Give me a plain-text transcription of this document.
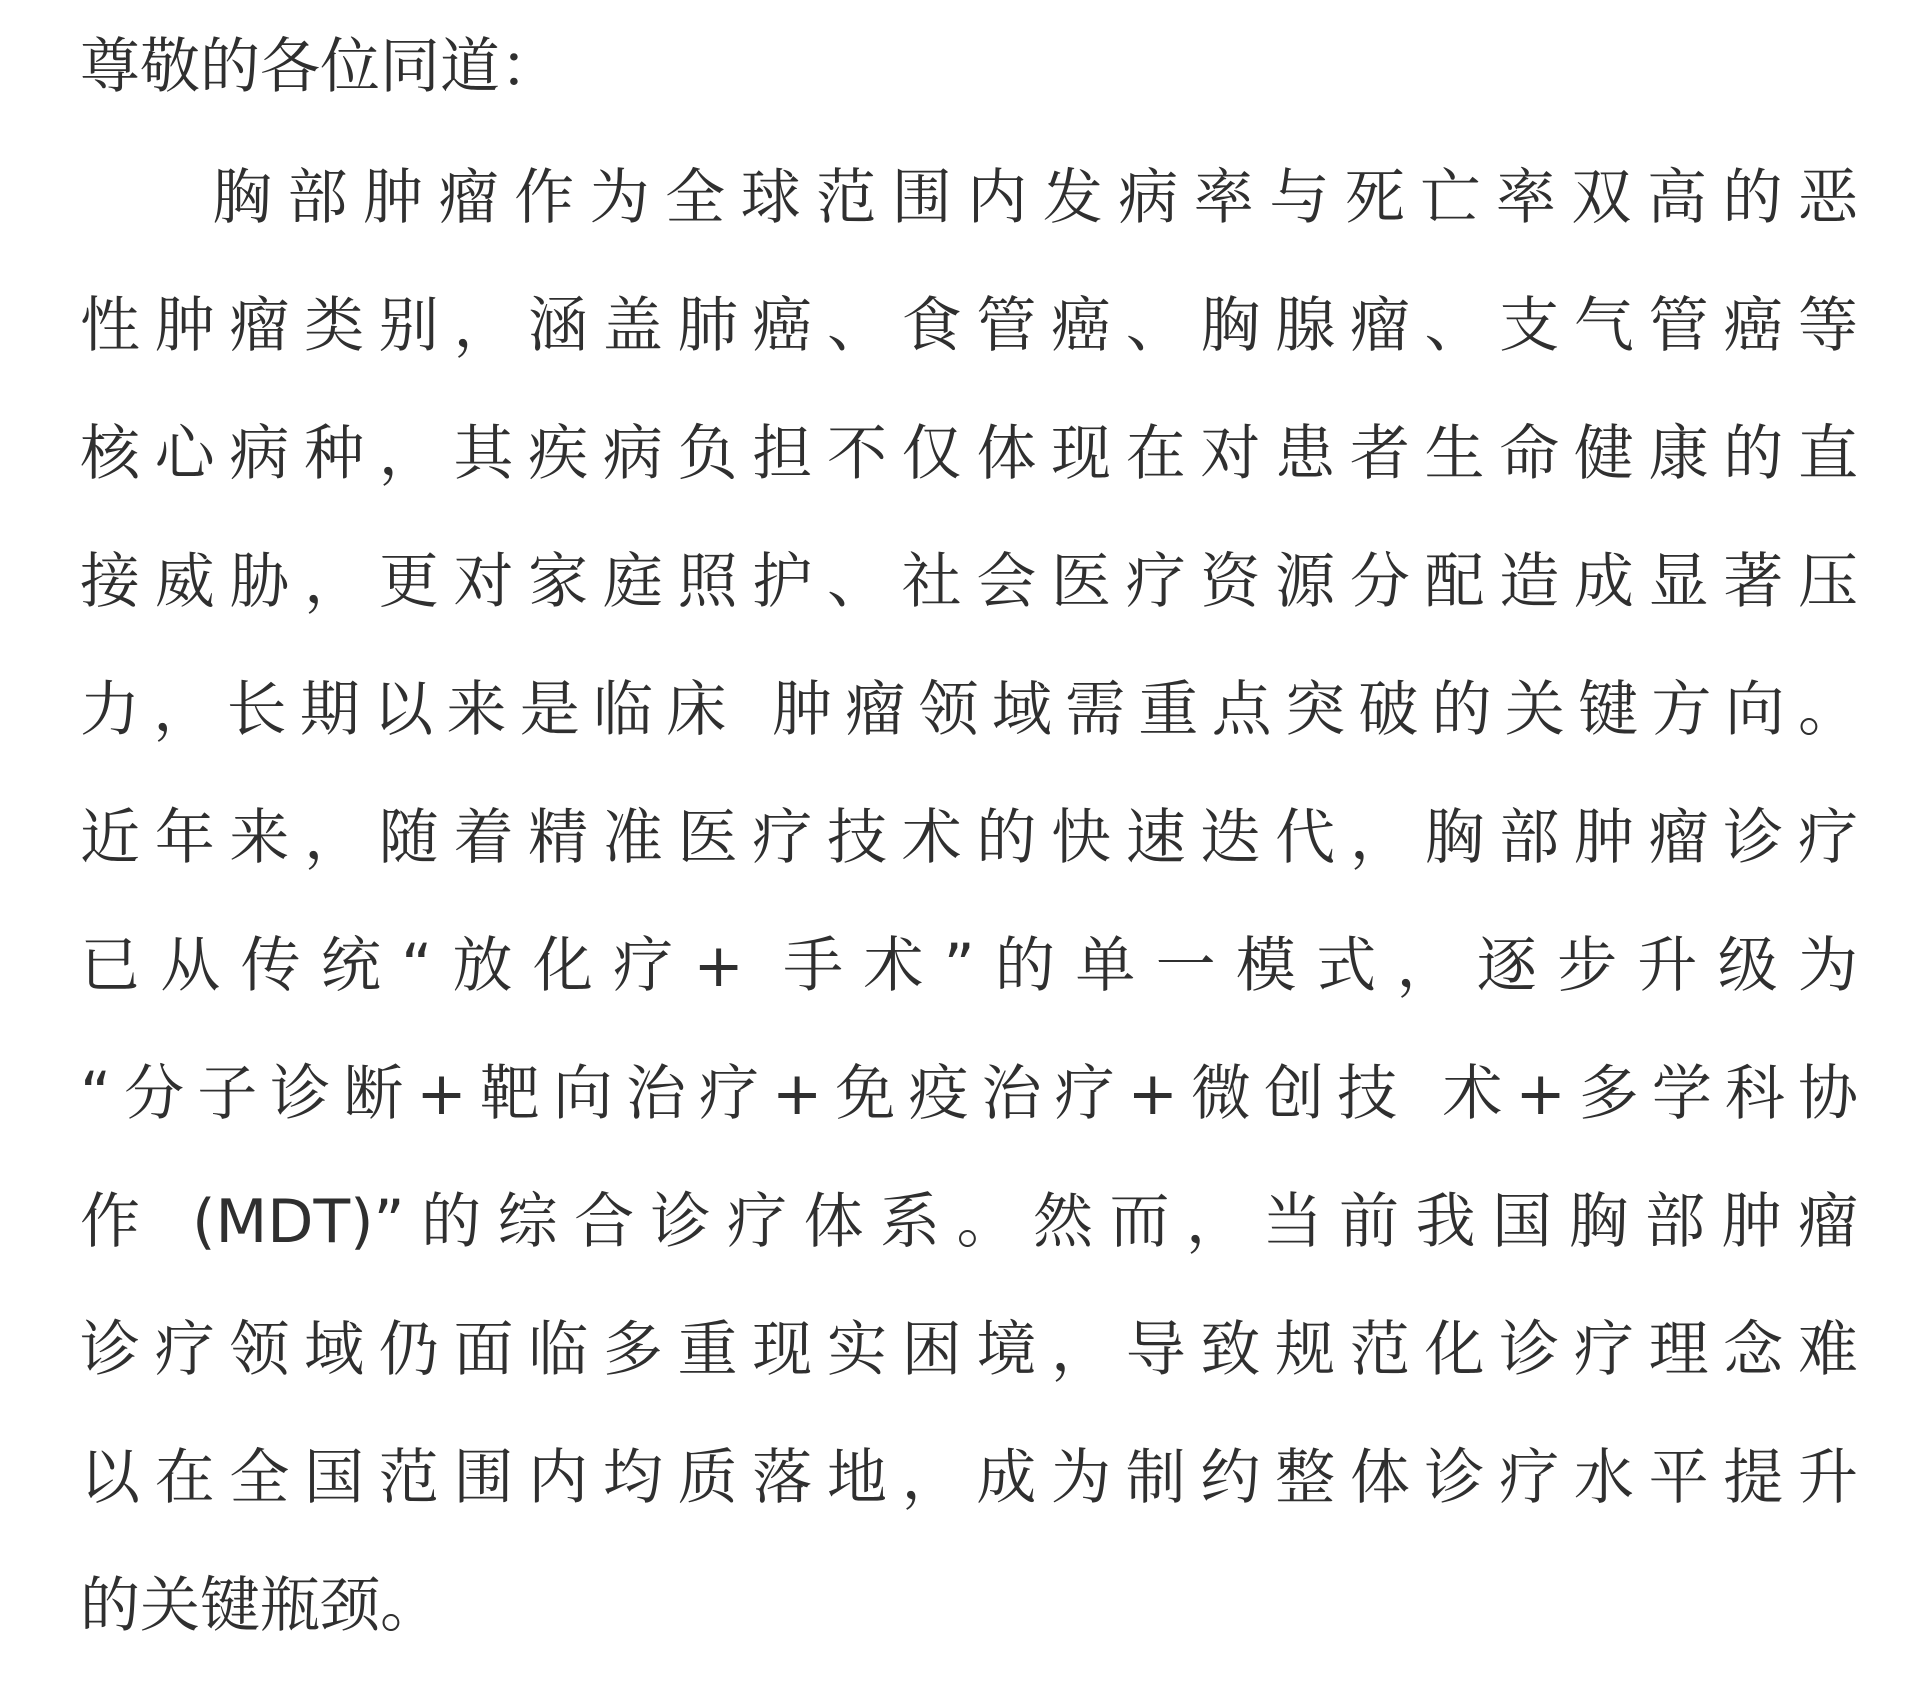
尊敬的各位同道：
胸部肿瘤作为全球范围内发病率与死亡率双高的恶
性肿瘤类别，涵盖肺癌、食管癌、胸腺瘤、支气管癌等
核心病种，其疾病负担不仅体现在对患者生命健康的直
接威胁，更对家庭照护、社会医疗资源分配造成显著压
力，长期以来是临床 肿瘤领域需重点突破的关键方向。
近年来，随着精准医疗技术的快速迭代，胸部肿瘤诊疗
已从传统“放化疗+ 手术”的单一模式，逐步升级为
“分子诊断+靶向治疗+免疫治疗+微创技 术+多学科协
作 (MDT)”的综合诊疗体系。然而，当前我国胸部肿瘤
诊疗领域仍面临多重现实困境，导致规范化诊疗理念难
以在全国范围内均质落地，成为制约整体诊疗水平提升
的关键瓶颈。
